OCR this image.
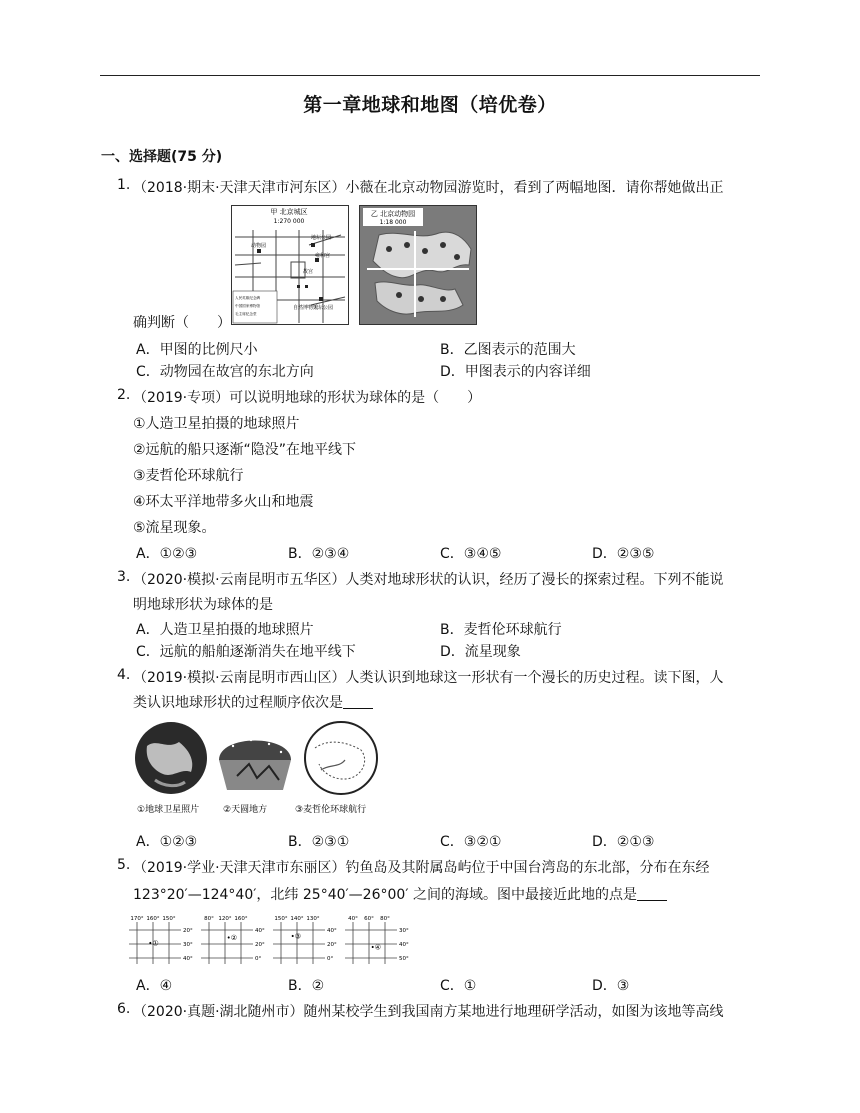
第一章地球和地图（培优卷）
一、选择题(75 分)
1. （2018·期末·天津天津市河东区）小薇在北京动物园游览时，看到了两幅地图．请你帮她做出正
甲 北京城区
1:270 000
动物园
地坛公园
故宫
雍和宫
天坛公园
自然博物馆
人民英雄纪念碑
中国国家博物馆
毛主席纪念堂
乙 北京动物园
1:18 000
确判断（　　）
A．甲图的比例尺小	B．乙图表示的范围大
C．动物园在故宫的东北方向	D．甲图表示的内容详细
2. （2019·专项）可以说明地球的形状为球体的是（　　）
①人造卫星拍摄的地球照片
②远航的船只逐渐“隐没”在地平线下
③麦哲伦环球航行
④环太平洋地带多火山和地震
⑤流星现象。
A．①②③	B．②③④	C．③④⑤	D．②③⑤
3. （2020·模拟·云南昆明市五华区）人类对地球形状的认识，经历了漫长的探索过程。下列不能说
明地球形状为球体的是
A．人造卫星拍摄的地球照片	B．麦哲伦环球航行
C．远航的船舶逐渐消失在地平线下	D．流星现象
4. （2019·模拟·云南昆明市西山区）人类认识到地球这一形状有一个漫长的历史过程。读下图，人
类认识地球形状的过程顺序依次是
①地球卫星照片	②天圆地方	③麦哲伦环球航行
A．①②③	B．②③①	C．③②①	D．②①③
5. （2019·学业·天津天津市东丽区）钓鱼岛及其附属岛屿位于中国台湾岛的东北部，分布在东经
123°20′—124°40′，北纬 25°40′—26°00′ 之间的海域。图中最接近此地的点是
170° 160° 150°
20°
30°
40°
•①
80° 120° 160°
40°
20°
0°
•②
150° 140° 130°
40°
20°
0°
•③
40° 60° 80°
30°
40°
50°
•④
A．④	B．②	C．①	D．③
6. （2020·真题·湖北随州市）随州某校学生到我国南方某地进行地理研学活动，如图为该地等高线
